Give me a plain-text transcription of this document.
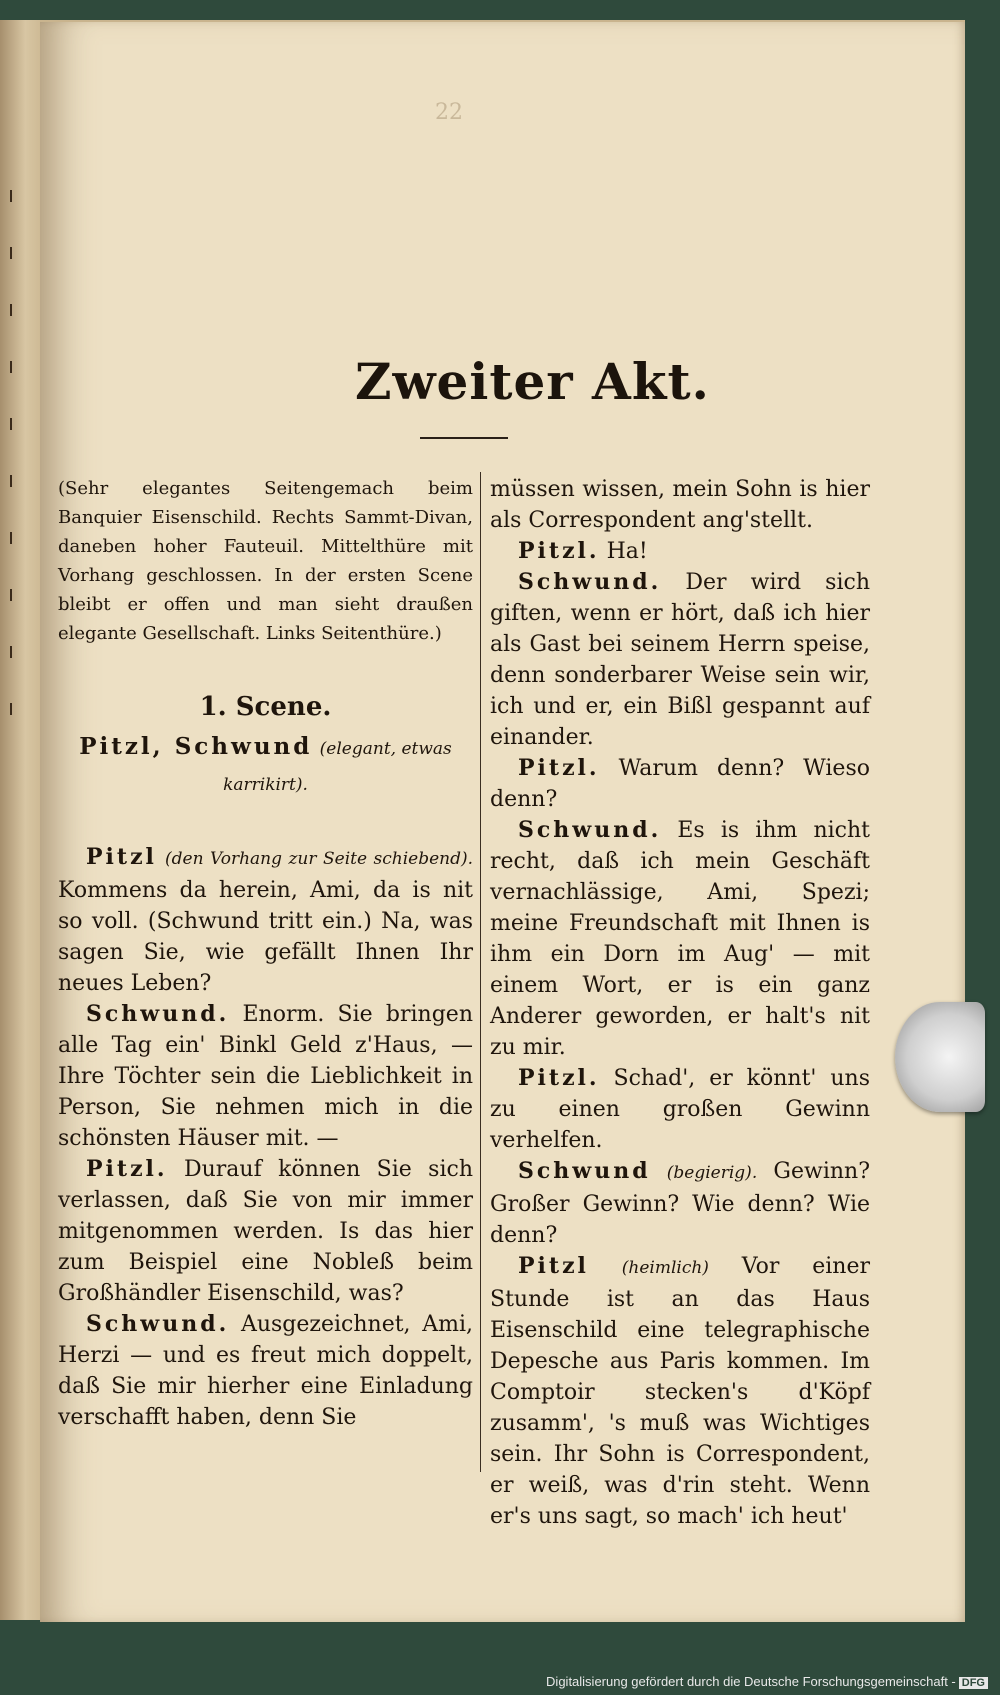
22
Zweiter Akt.

(Sehr elegantes Seitengemach beim Banquier Eisenschild. Rechts Sammt-Divan, daneben hoher Fauteuil. Mittelthüre mit Vorhang geschlossen. In der ersten Scene bleibt er offen und man sieht draußen elegante Gesellschaft. Links Seitenthüre.)

1. Scene.
Pitzl, Schwund (elegant, etwas karrikirt).

Pitzl (den Vorhang zur Seite schiebend). Kommens da herein, Ami, da is nit so voll. (Schwund tritt ein.) Na, was sagen Sie, wie gefällt Ihnen Ihr neues Leben?

Schwund. Enorm. Sie bringen alle Tag ein' Binkl Geld z'Haus, — Ihre Töchter sein die Lieblichkeit in Person, Sie nehmen mich in die schönsten Häuser mit. —

Pitzl. Durauf können Sie sich verlassen, daß Sie von mir immer mitgenommen werden. Is das hier zum Beispiel eine Nobleß beim Großhändler Eisenschild, was?

Schwund. Ausgezeichnet, Ami, Herzi — und es freut mich doppelt, daß Sie mir hierher eine Einladung verschafft haben, denn Sie

müssen wissen, mein Sohn is hier als Correspondent ang'stellt.

Pitzl. Ha!

Schwund. Der wird sich giften, wenn er hört, daß ich hier als Gast bei seinem Herrn speise, denn sonderbarer Weise sein wir, ich und er, ein Bißl gespannt auf einander.

Pitzl. Warum denn? Wieso denn?

Schwund. Es is ihm nicht recht, daß ich mein Geschäft vernachlässige, Ami, Spezi; meine Freundschaft mit Ihnen is ihm ein Dorn im Aug' — mit einem Wort, er is ein ganz Anderer geworden, er halt's nit zu mir.

Pitzl. Schad', er könnt' uns zu einen großen Gewinn verhelfen.

Schwund (begierig). Gewinn? Großer Gewinn? Wie denn? Wie denn?

Pitzl (heimlich) Vor einer Stunde ist an das Haus Eisenschild eine telegraphische Depesche aus Paris kommen. Im Comptoir stecken's d'Köpf zusamm', 's muß was Wichtiges sein. Ihr Sohn is Correspondent, er weiß, was d'rin steht. Wenn er's uns sagt, so mach' ich heut'

Digitalisierung gefördert durch die Deutsche Forschungsgemeinschaft - DFG
